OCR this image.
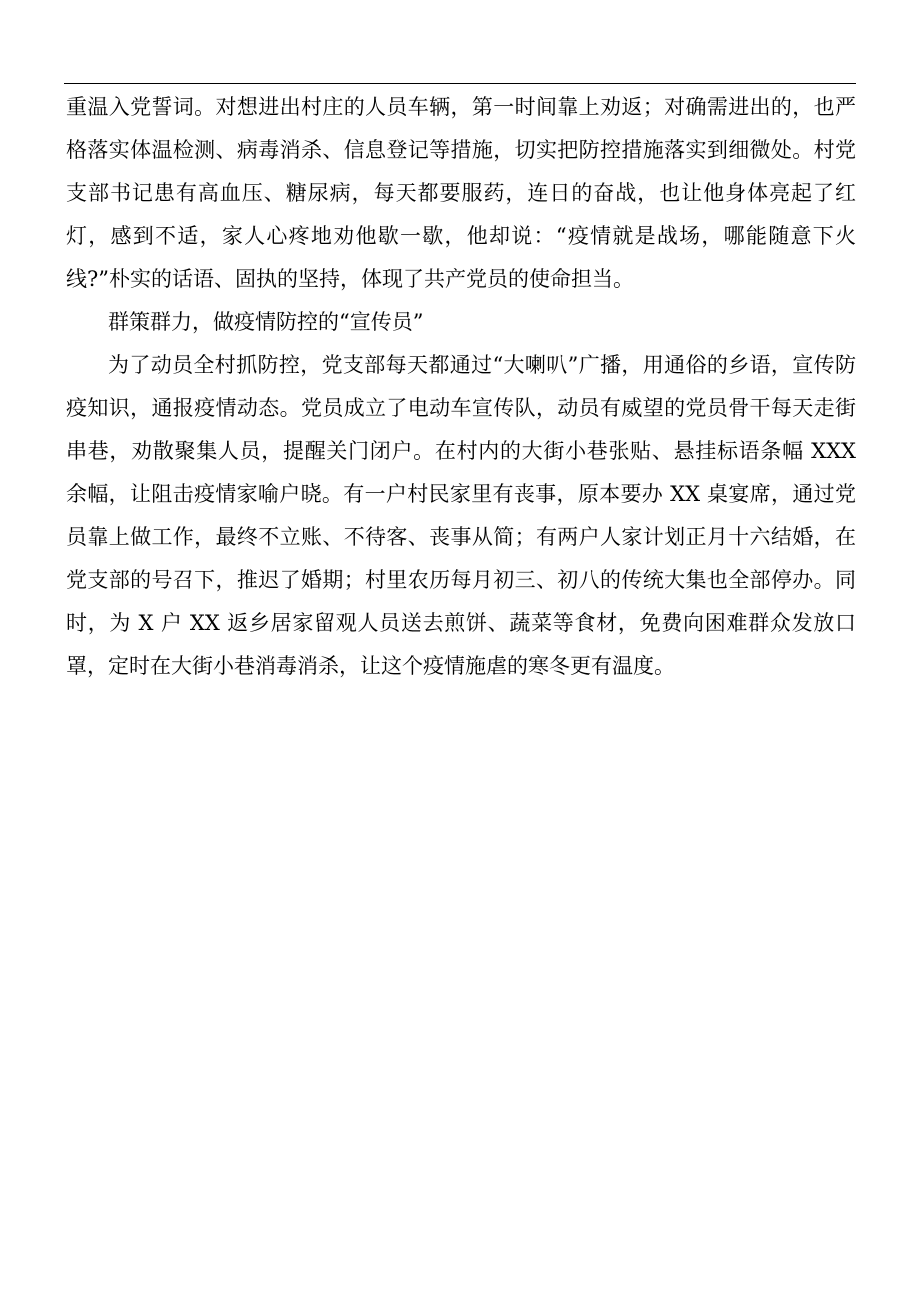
重温入党誓词。对想进出村庄的人员车辆，第一时间靠上劝返；对确需进出的，也严格落实体温检测、病毒消杀、信息登记等措施，切实把防控措施落实到细微处。村党支部书记患有高血压、糖尿病，每天都要服药，连日的奋战，也让他身体亮起了红灯，感到不适，家人心疼地劝他歇一歇，他却说：“疫情就是战场，哪能随意下火线?”朴实的话语、固执的坚持，体现了共产党员的使命担当。

群策群力，做疫情防控的“宣传员”

为了动员全村抓防控，党支部每天都通过“大喇叭”广播，用通俗的乡语，宣传防疫知识，通报疫情动态。党员成立了电动车宣传队，动员有威望的党员骨干每天走街串巷，劝散聚集人员，提醒关门闭户。在村内的大街小巷张贴、悬挂标语条幅 XXX 余幅，让阻击疫情家喻户晓。有一户村民家里有丧事，原本要办 XX 桌宴席，通过党员靠上做工作，最终不立账、不待客、丧事从简；有两户人家计划正月十六结婚，在党支部的号召下，推迟了婚期；村里农历每月初三、初八的传统大集也全部停办。同时，为 X 户 XX 返乡居家留观人员送去煎饼、蔬菜等食材，免费向困难群众发放口罩，定时在大街小巷消毒消杀，让这个疫情施虐的寒冬更有温度。
